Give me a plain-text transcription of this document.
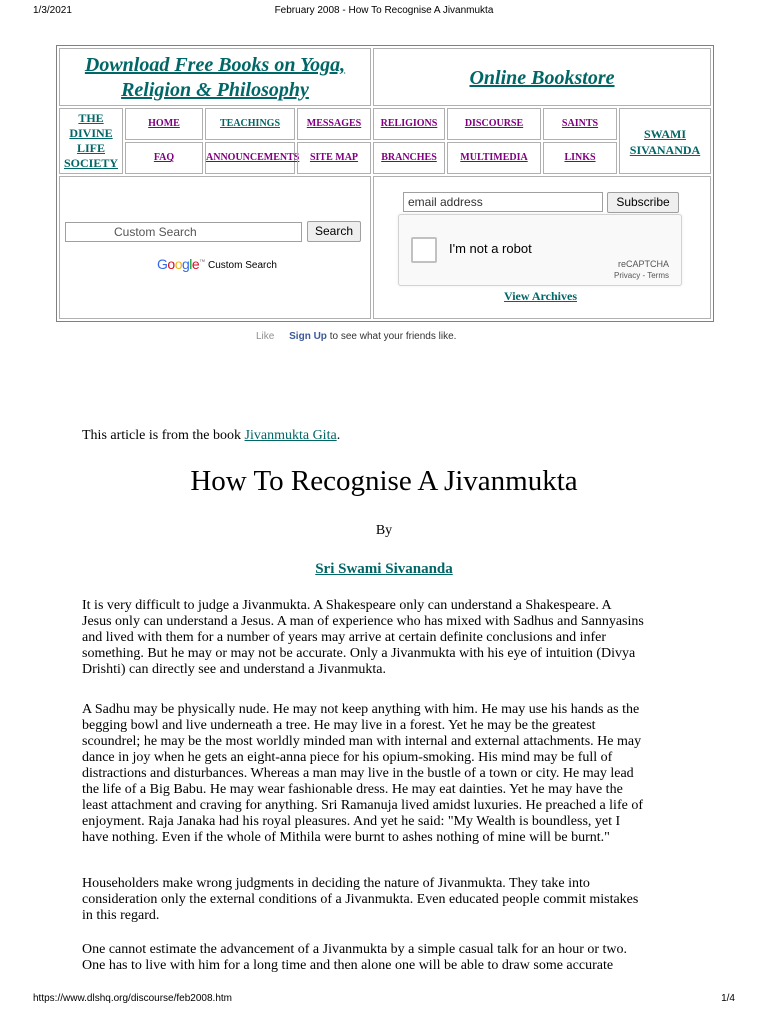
1/3/2021	February 2008 - How To Recognise A Jivanmukta
Download Free Books on Yoga,
Religion & Philosophy
Online Bookstore
THE
DIVINE
LIFE
SOCIETY
HOME	TEACHINGS	MESSAGES	RELIGIONS	DISCOURSE	SAINTS
FAQ	ANNOUNCEMENTS	SITE MAP	BRANCHES	MULTIMEDIA	LINKS
SWAMI
SIVANANDA
Custom Search	Search
Google™ Custom Search
email address	Subscribe
I'm not a robot
reCAPTCHA
Privacy - Terms
View Archives
Like Sign Up to see what your friends like.
This article is from the book Jivanmukta Gita.
How To Recognise A Jivanmukta
By
Sri Swami Sivananda
It is very difficult to judge a Jivanmukta. A Shakespeare only can understand a Shakespeare. A
Jesus only can understand a Jesus. A man of experience who has mixed with Sadhus and Sannyasins
and lived with them for a number of years may arrive at certain definite conclusions and infer
something. But he may or may not be accurate. Only a Jivanmukta with his eye of intuition (Divya
Drishti) can directly see and understand a Jivanmukta.
A Sadhu may be physically nude. He may not keep anything with him. He may use his hands as the
begging bowl and live underneath a tree. He may live in a forest. Yet he may be the greatest
scoundrel; he may be the most worldly minded man with internal and external attachments. He may
dance in joy when he gets an eight-anna piece for his opium-smoking. His mind may be full of
distractions and disturbances. Whereas a man may live in the bustle of a town or city. He may lead
the life of a Big Babu. He may wear fashionable dress. He may eat dainties. Yet he may have the
least attachment and craving for anything. Sri Ramanuja lived amidst luxuries. He preached a life of
enjoyment. Raja Janaka had his royal pleasures. And yet he said: "My Wealth is boundless, yet I
have nothing. Even if the whole of Mithila were burnt to ashes nothing of mine will be burnt."
Householders make wrong judgments in deciding the nature of Jivanmukta. They take into
consideration only the external conditions of a Jivanmukta. Even educated people commit mistakes
in this regard.
One cannot estimate the advancement of a Jivanmukta by a simple casual talk for an hour or two.
One has to live with him for a long time and then alone one will be able to draw some accurate
https://www.dlshq.org/discourse/feb2008.htm	1/4
